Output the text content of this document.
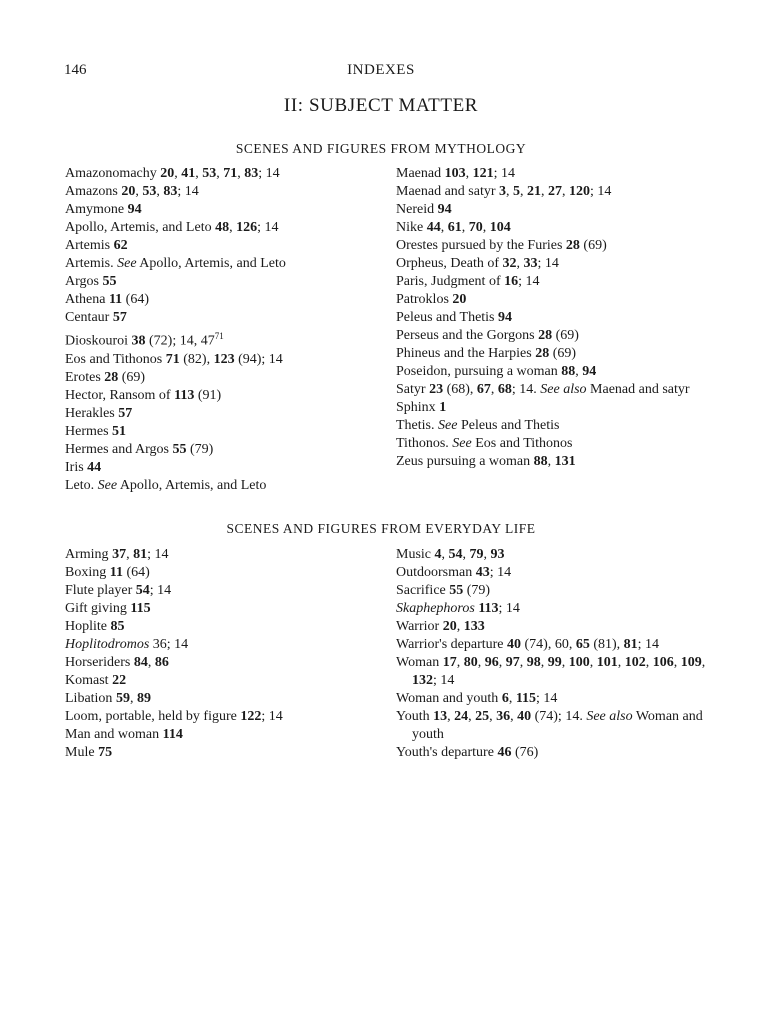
146	INDEXES
II: SUBJECT MATTER
SCENES AND FIGURES FROM MYTHOLOGY

Amazonomachy 20, 41, 53, 71, 83; 14

Amazons 20, 53, 83; 14

Amymone 94

Apollo, Artemis, and Leto 48, 126; 14

Artemis 62

Artemis. See Apollo, Artemis, and Leto

Argos 55

Athena 11 (64)

Centaur 57

Dioskouroi 38 (72); 14, $47^{71}$

Eos and Tithonos 71 (82), 123 (94); 14

Erotes 28 (69)

Hector, Ransom of 113 (91)

Herakles 57

Hermes 51

Hermes and Argos 55 (79)

Iris 44

Leto. See Apollo, Artemis, and Leto

Maenad 103, 121; 14

Maenad and satyr 3, 5, 21, 27, 120; 14

Nereid 94

Nike 44, 61, 70, 104

Orestes pursued by the Furies 28 (69)

Orpheus, Death of 32, 33; 14

Paris, Judgment of 16; 14

Patroklos 20

Peleus and Thetis 94

Perseus and the Gorgons 28 (69)

Phineus and the Harpies 28 (69)

Poseidon, pursuing a woman 88, 94

Satyr 23 (68), 67, 68; 14. See also Maenad and satyr

Sphinx 1

Thetis. See Peleus and Thetis

Tithonos. See Eos and Tithonos

Zeus pursuing a woman 88, 131

SCENES AND FIGURES FROM EVERYDAY LIFE

Arming 37, 81; 14

Boxing 11 (64)

Flute player 54; 14

Gift giving 115

Hoplite 85

Hoplitodromos 36; 14

Horseriders 84, 86

Komast 22

Libation 59, 89

Loom, portable, held by figure 122; 14

Man and woman 114

Mule 75

Music 4, 54, 79, 93

Outdoorsman 43; 14

Sacrifice 55 (79)

Skaphephoros 113; 14

Warrior 20, 133

Warrior's departure 40 (74), 60, 65 (81), 81; 14

Woman 17, 80, 96, 97, 98, 99, 100, 101, 102, 106, 109, 132; 14

Woman and youth 6, 115; 14

Youth 13, 24, 25, 36, 40 (74); 14. See also Woman and youth

Youth's departure 46 (76)
